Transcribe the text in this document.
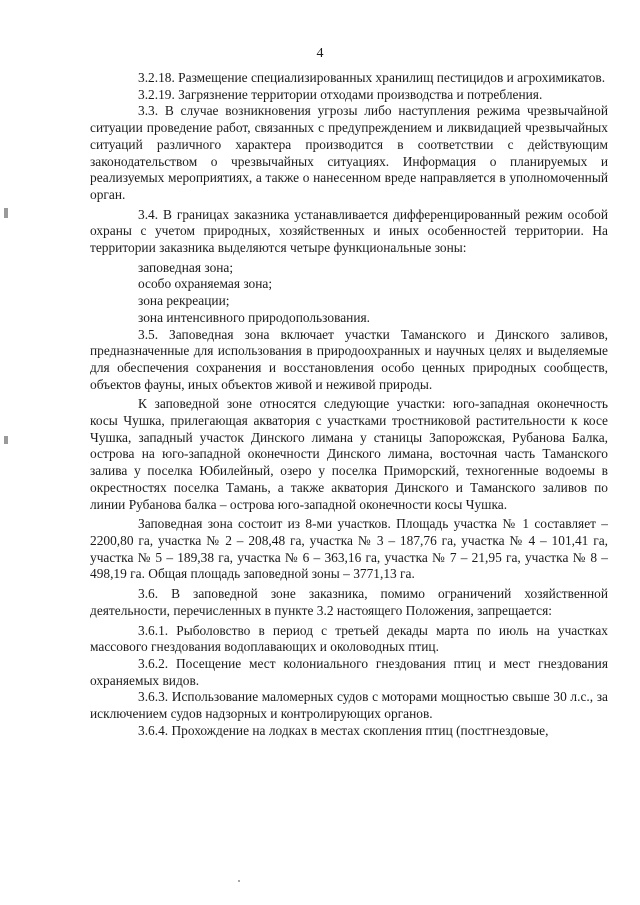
4

3.2.18. Размещение специализированных хранилищ пестицидов и агрохимикатов.

3.2.19. Загрязнение территории отходами производства и потребления.

3.3. В случае возникновения угрозы либо наступления режима чрезвычайной ситуации проведение работ, связанных с предупреждением и ликвидацией чрезвычайных ситуаций различного характера производится в соответствии с действующим законодательством о чрезвычайных ситуациях. Информация о планируемых и реализуемых мероприятиях, а также о нанесенном вреде направляется в уполномоченный орган.

3.4. В границах заказника устанавливается дифференцированный режим особой охраны с учетом природных, хозяйственных и иных особенностей территории. На территории заказника выделяются четыре функциональные зоны:

заповедная зона;

особо охраняемая зона;

зона рекреации;

зона интенсивного природопользования.

3.5. Заповедная зона включает участки Таманского и Динского заливов, предназначенные для использования в природоохранных и научных целях и выделяемые для обеспечения сохранения и восстановления особо ценных природных сообществ, объектов фауны, иных объектов живой и неживой природы.

К заповедной зоне относятся следующие участки: юго-западная оконечность косы Чушка, прилегающая акватория с участками тростниковой растительности к косе Чушка, западный участок Динского лимана у станицы Запорожская, Рубанова Балка, острова на юго-западной оконечности Динского лимана, восточная часть Таманского залива у поселка Юбилейный, озеро у поселка Приморский, техногенные водоемы в окрестностях поселка Тамань, а также акватория Динского и Таманского заливов по линии Рубанова балка – острова юго-западной оконечности косы Чушка.

Заповедная зона состоит из 8-ми участков. Площадь участка № 1 составляет – 2200,80 га, участка № 2 – 208,48 га, участка № 3 – 187,76 га, участка № 4 – 101,41 га, участка № 5 – 189,38 га, участка № 6 – 363,16 га, участка № 7 – 21,95 га, участка № 8 – 498,19 га. Общая площадь заповедной зоны – 3771,13 га.

3.6. В заповедной зоне заказника, помимо ограничений хозяйственной деятельности, перечисленных в пункте 3.2 настоящего Положения, запрещается:

3.6.1. Рыболовство в период с третьей декады марта по июль на участках массового гнездования водоплавающих и околоводных птиц.

3.6.2. Посещение мест колониального гнездования птиц и мест гнездования охраняемых видов.

3.6.3. Использование маломерных судов с моторами мощностью свыше 30 л.с., за исключением судов надзорных и контролирующих органов.

3.6.4. Прохождение на лодках в местах скопления птиц (постгнездовые,
